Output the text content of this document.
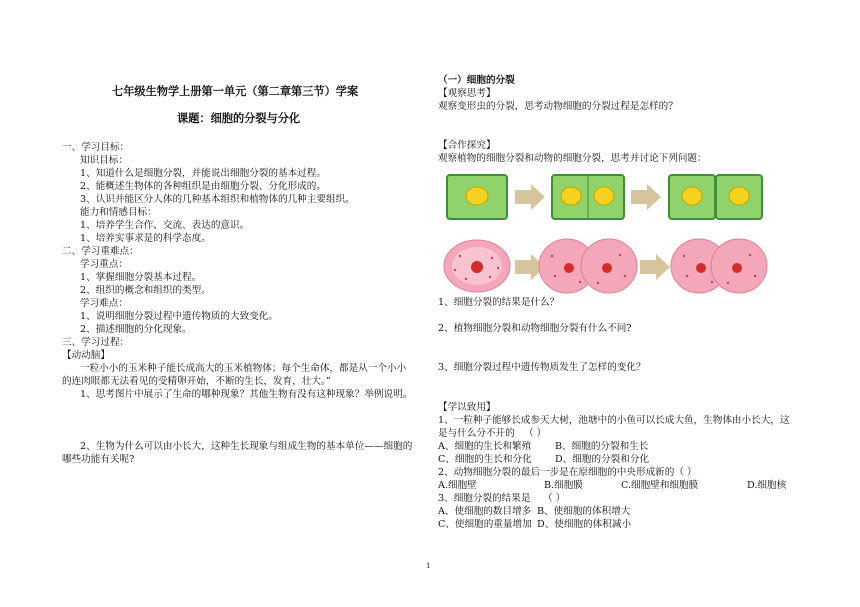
七年级生物学上册第一单元（第二章第三节）学案
课题：细胞的分裂与分化
一、学习目标：
知识目标：
1、知道什么是细胞分裂，并能说出细胞分裂的基本过程。
2、能概述生物体的各种组织是由细胞分裂、分化形成的。
3、认识并能区分人体的几种基本组织和植物体的几种主要组织。
能力和情感目标：
1、培养学生合作、交流、表达的意识。
1、培养实事求是的科学态度。
二、学习重难点：
学习重点：
1、掌握细胞分裂基本过程。
2、组织的概念和组织的类型。
学习难点：
1、说明细胞分裂过程中遗传物质的大致变化。
2、描述细胞的分化现象。
三、学习过程：
【动动脑】
一粒小小的玉米种子能长成高大的玉米植物体；每个生命体，都是从一个小小
的连肉眼都无法看见的受精卵开始，不断的生长，发育，壮大。”
1、思考图片中展示了生命的哪种现象？其他生物有没有这种现象？举例说明。
2、生物为什么可以由小长大，这种生长现象与组成生物的基本单位——细胞的
哪些功能有关呢?
（一）细胞的分裂
【观察思考】
观察变形虫的分裂，思考动物细胞的分裂过程是怎样的？
【合作探究】
观察植物的细胞分裂和动物的细胞分裂，思考并讨论下列问题：
1、细胞分裂的结果是什么？
2、植物细胞分裂和动物细胞分裂有什么不同?
3、细胞分裂过程中遗传物质发生了怎样的变化？
【学以致用】
1、一粒种子能够长成参天大树，池塘中的小鱼可以长成大鱼，生物体由小长大，这
是与什么分不开的 （ ）
A、细胞的生长和繁殖 B、细胞的分裂和生长
C、细胞的生长和分化 D、细胞的分裂和分化
2、动物细胞分裂的最后一步是在原细胞的中央形成新的（ ）
A.细胞壁	B.细胞膜	C.细胞壁和细胞膜	D.细胞核
3、细胞分裂的结果是 （ ）
A、使细胞的数目增多 B、使细胞的体积增大
C、使细胞的重量增加 D、使细胞的体积减小
1
